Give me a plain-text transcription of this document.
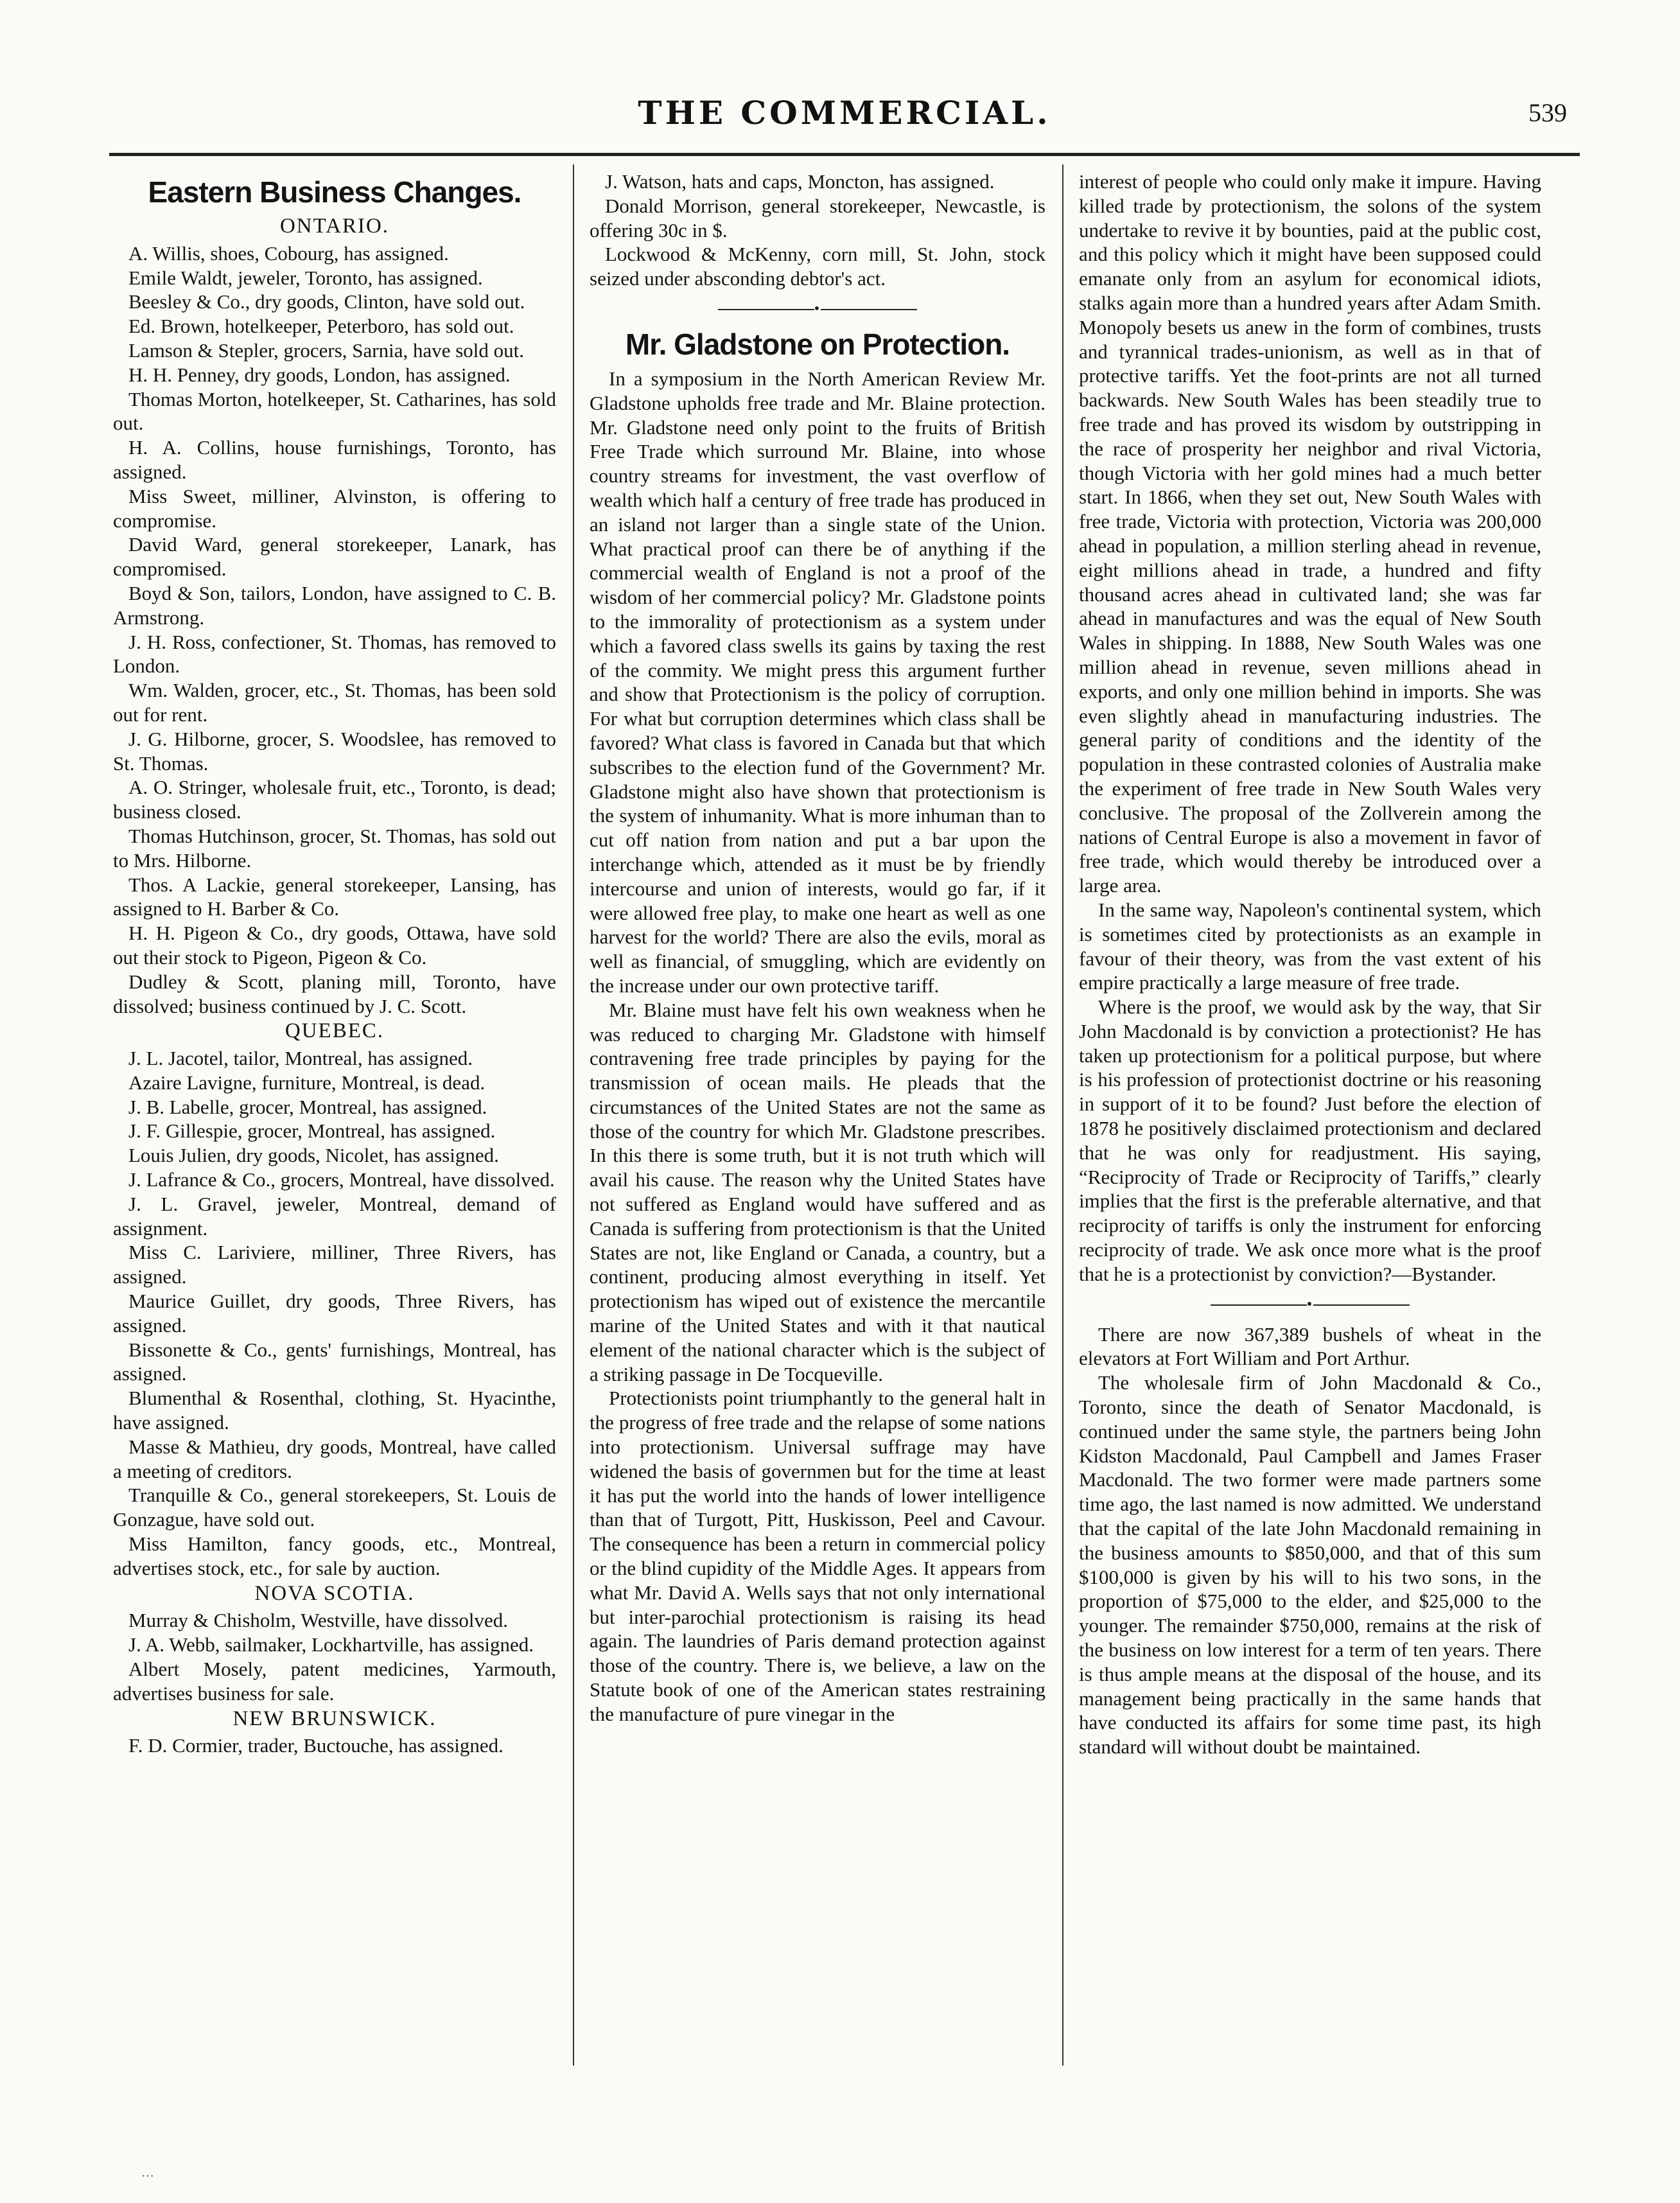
THE COMMERCIAL.	539
Eastern Business Changes.
ONTARIO.

A. Willis, shoes, Cobourg, has assigned.

Emile Waldt, jeweler, Toronto, has assigned.

Beesley & Co., dry goods, Clinton, have sold out.

Ed. Brown, hotelkeeper, Peterboro, has sold out.

Lamson & Stepler, grocers, Sarnia, have sold out.

H. H. Penney, dry goods, London, has assigned.

Thomas Morton, hotelkeeper, St. Catharines, has sold out.

H. A. Collins, house furnishings, Toronto, has assigned.

Miss Sweet, milliner, Alvinston, is offering to compromise.

David Ward, general storekeeper, Lanark, has compromised.

Boyd & Son, tailors, London, have assigned to C. B. Armstrong.

J. H. Ross, confectioner, St. Thomas, has removed to London.

Wm. Walden, grocer, etc., St. Thomas, has been sold out for rent.

J. G. Hilborne, grocer, S. Woodslee, has removed to St. Thomas.

A. O. Stringer, wholesale fruit, etc., Toronto, is dead; business closed.

Thomas Hutchinson, grocer, St. Thomas, has sold out to Mrs. Hilborne.

Thos. A Lackie, general storekeeper, Lansing, has assigned to H. Barber & Co.

H. H. Pigeon & Co., dry goods, Ottawa, have sold out their stock to Pigeon, Pigeon & Co.

Dudley & Scott, planing mill, Toronto, have dissolved; business continued by J. C. Scott.

QUEBEC.

J. L. Jacotel, tailor, Montreal, has assigned.

Azaire Lavigne, furniture, Montreal, is dead.

J. B. Labelle, grocer, Montreal, has assigned.

J. F. Gillespie, grocer, Montreal, has assigned.

Louis Julien, dry goods, Nicolet, has assigned.

J. Lafrance & Co., grocers, Montreal, have dissolved.

J. L. Gravel, jeweler, Montreal, demand of assignment.

Miss C. Lariviere, milliner, Three Rivers, has assigned.

Maurice Guillet, dry goods, Three Rivers, has assigned.

Bissonette & Co., gents' furnishings, Montreal, has assigned.

Blumenthal & Rosenthal, clothing, St. Hyacinthe, have assigned.

Masse & Mathieu, dry goods, Montreal, have called a meeting of creditors.

Tranquille & Co., general storekeepers, St. Louis de Gonzague, have sold out.

Miss Hamilton, fancy goods, etc., Montreal, advertises stock, etc., for sale by auction.

NOVA SCOTIA.

Murray & Chisholm, Westville, have dissolved.

J. A. Webb, sailmaker, Lockhartville, has assigned.

Albert Mosely, patent medicines, Yarmouth, advertises business for sale.

NEW BRUNSWICK.

F. D. Cormier, trader, Buctouche, has assigned.

J. Watson, hats and caps, Moncton, has assigned.

Donald Morrison, general storekeeper, Newcastle, is offering 30c in $.

Lockwood & McKenny, corn mill, St. John, stock seized under absconding debtor's act.

•
Mr. Gladstone on Protection.

In a symposium in the North American Review Mr. Gladstone upholds free trade and Mr. Blaine protection. Mr. Gladstone need only point to the fruits of British Free Trade which surround Mr. Blaine, into whose country streams for investment, the vast overflow of wealth which half a century of free trade has produced in an island not larger than a single state of the Union. What practical proof can there be of anything if the commercial wealth of England is not a proof of the wisdom of her commercial policy? Mr. Gladstone points to the immorality of protectionism as a system under which a favored class swells its gains by taxing the rest of the commity. We might press this argument further and show that Protectionism is the policy of corruption. For what but corruption determines which class shall be favored? What class is favored in Canada but that which subscribes to the election fund of the Government? Mr. Gladstone might also have shown that protectionism is the system of inhumanity. What is more inhuman than to cut off nation from nation and put a bar upon the interchange which, attended as it must be by friendly intercourse and union of interests, would go far, if it were allowed free play, to make one heart as well as one harvest for the world? There are also the evils, moral as well as financial, of smuggling, which are evidently on the increase under our own protective tariff.

Mr. Blaine must have felt his own weakness when he was reduced to charging Mr. Gladstone with himself contravening free trade principles by paying for the transmission of ocean mails. He pleads that the circumstances of the United States are not the same as those of the country for which Mr. Gladstone prescribes. In this there is some truth, but it is not truth which will avail his cause. The reason why the United States have not suffered as England would have suffered and as Canada is suffering from protectionism is that the United States are not, like England or Canada, a country, but a continent, producing almost everything in itself. Yet protectionism has wiped out of existence the mercantile marine of the United States and with it that nautical element of the national character which is the subject of a striking passage in De Tocqueville.

Protectionists point triumphantly to the general halt in the progress of free trade and the relapse of some nations into protectionism. Universal suffrage may have widened the basis of governmen but for the time at least it has put the world into the hands of lower intelligence than that of Turgott, Pitt, Huskisson, Peel and Cavour. The consequence has been a return in commercial policy or the blind cupidity of the Middle Ages. It appears from what Mr. David A. Wells says that not only international but inter-parochial protectionism is raising its head again. The laundries of Paris demand protection against those of the country. There is, we believe, a law on the Statute book of one of the American states restraining the manufacture of pure vinegar in the

interest of people who could only make it impure. Having killed trade by protectionism, the solons of the system undertake to revive it by bounties, paid at the public cost, and this policy which it might have been supposed could emanate only from an asylum for economical idiots, stalks again more than a hundred years after Adam Smith. Monopoly besets us anew in the form of combines, trusts and tyrannical trades-unionism, as well as in that of protective tariffs. Yet the foot-prints are not all turned backwards. New South Wales has been steadily true to free trade and has proved its wisdom by outstripping in the race of prosperity her neighbor and rival Victoria, though Victoria with her gold mines had a much better start. In 1866, when they set out, New South Wales with free trade, Victoria with protection, Victoria was 200,000 ahead in population, a million sterling ahead in revenue, eight millions ahead in trade, a hundred and fifty thousand acres ahead in cultivated land; she was far ahead in manufactures and was the equal of New South Wales in shipping. In 1888, New South Wales was one million ahead in revenue, seven millions ahead in exports, and only one million behind in imports. She was even slightly ahead in manufacturing industries. The general parity of conditions and the identity of the population in these contrasted colonies of Australia make the experiment of free trade in New South Wales very conclusive. The proposal of the Zollverein among the nations of Central Europe is also a movement in favor of free trade, which would thereby be introduced over a large area.

In the same way, Napoleon's continental system, which is sometimes cited by protectionists as an example in favour of their theory, was from the vast extent of his empire practically a large measure of free trade.

Where is the proof, we would ask by the way, that Sir John Macdonald is by conviction a protectionist? He has taken up protectionism for a political purpose, but where is his profession of protectionist doctrine or his reasoning in support of it to be found? Just before the election of 1878 he positively disclaimed protectionism and declared that he was only for readjustment. His saying, “Reciprocity of Trade or Reciprocity of Tariffs,” clearly implies that the first is the preferable alternative, and that reciprocity of tariffs is only the instrument for enforcing reciprocity of trade. We ask once more what is the proof that he is a protectionist by conviction?—Bystander.

•

There are now 367,389 bushels of wheat in the elevators at Fort William and Port Arthur.

The wholesale firm of John Macdonald & Co., Toronto, since the death of Senator Macdonald, is continued under the same style, the partners being John Kidston Macdonald, Paul Campbell and James Fraser Macdonald. The two former were made partners some time ago, the last named is now admitted. We understand that the capital of the late John Macdonald remaining in the business amounts to $850,000, and that of this sum $100,000 is given by his will to his two sons, in the proportion of $75,000 to the elder, and $25,000 to the younger. The remainder $750,000, remains at the risk of the business on low interest for a term of ten years. There is thus ample means at the disposal of the house, and its management being practically in the same hands that have conducted its affairs for some time past, its high standard will without doubt be maintained.

…
